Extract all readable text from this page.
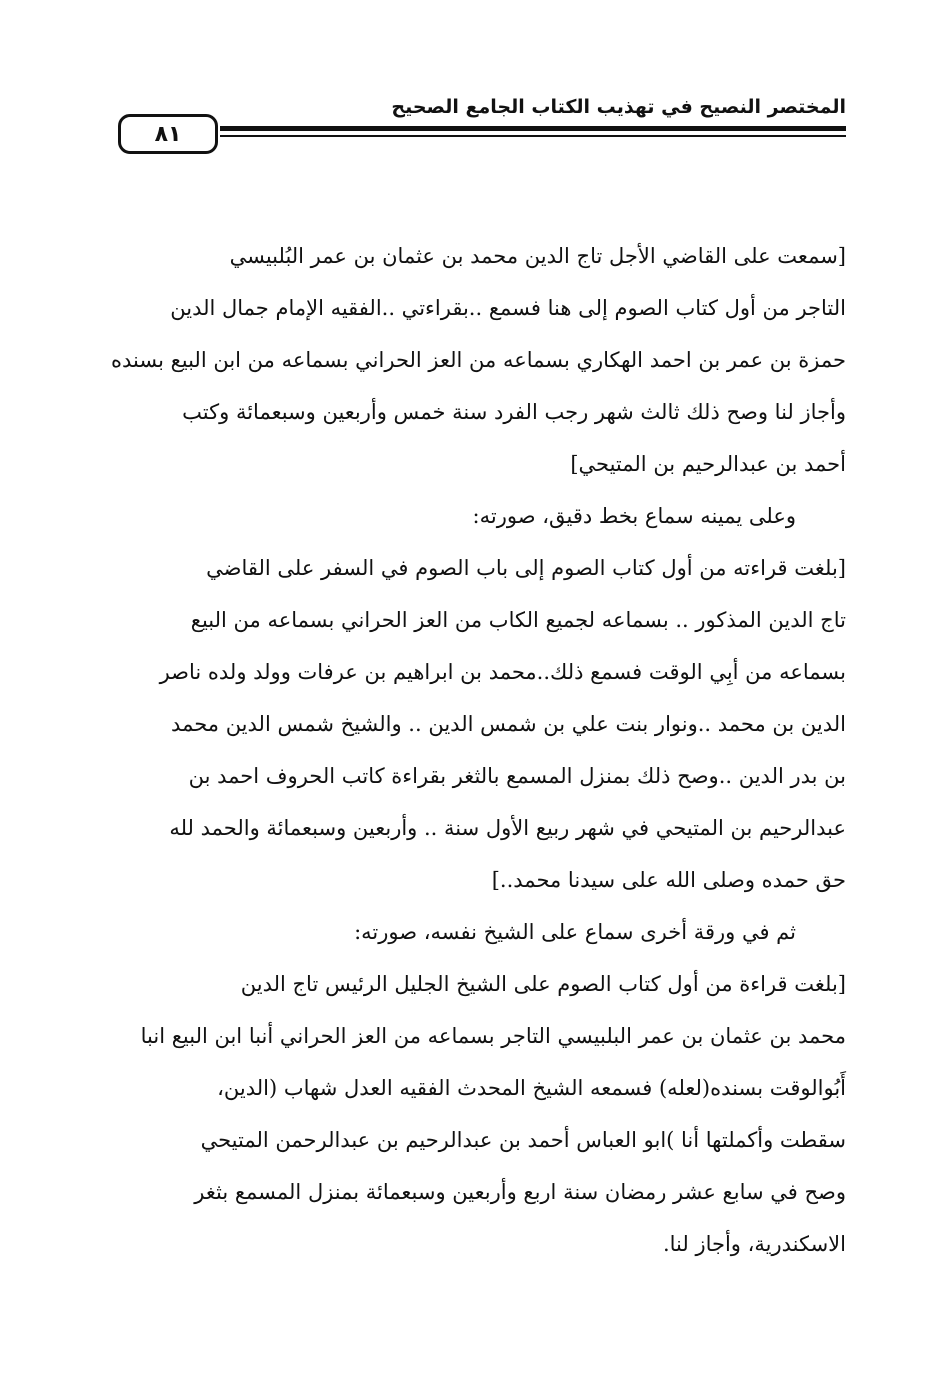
٨١
المختصر النصيح في تهذيب الكتاب الجامع الصحيح
[سمعت على القاضي الأجل تاج الدين محمد بن عثمان بن عمر البُلبيسي
التاجر من أول كتاب الصوم إلى هنا فسمع ..بقراءتي ..الفقيه الإمام جمال الدين
حمزة بن عمر بن احمد الهكاري بسماعه من العز الحراني بسماعه من ابن البيع بسنده
وأجاز لنا وصح ذلك ثالث شهر رجب الفرد سنة خمس وأربعين وسبعمائة وكتب
أحمد بن عبدالرحيم بن المتيحي]
وعلى يمينه سماع بخط دقيق، صورته:
[بلغت قراءته من أول كتاب الصوم إلى باب الصوم في السفر على القاضي
تاج الدين المذكور .. بسماعه لجميع الكاب من العز الحراني بسماعه من البيع
بسماعه من أبِي الوقت فسمع ذلك..محمد بن ابراهيم بن عرفات وولد ولده ناصر
الدين بن محمد ..ونوار بنت علي بن شمس الدين .. والشيخ شمس الدين محمد
بن بدر الدين ..وصح ذلك بمنزل المسمع بالثغر بقراءة كاتب الحروف احمد بن
عبدالرحيم بن المتيحي في شهر ربيع الأول سنة .. وأربعين وسبعمائة والحمد لله
حق حمده وصلى الله على سيدنا محمد..]
ثم في ورقة أخرى سماع على الشيخ نفسه، صورته:
[بلغت قراءة من أول كتاب الصوم على الشيخ الجليل الرئيس تاج الدين
محمد بن عثمان بن عمر البلبيسي التاجر بسماعه من العز الحراني أنبا ابن البيع انبا
أَبُوالوقت بسنده(لعله) فسمعه الشيخ المحدث الفقيه العدل شهاب (الدين،
سقطت وأكملتها أنا )ابو العباس أحمد بن عبدالرحيم بن عبدالرحمن المتيحي
وصح في سابع عشر رمضان سنة اربع وأربعين وسبعمائة بمنزل المسمع بثغر
الاسكندرية، وأجاز لنا.
